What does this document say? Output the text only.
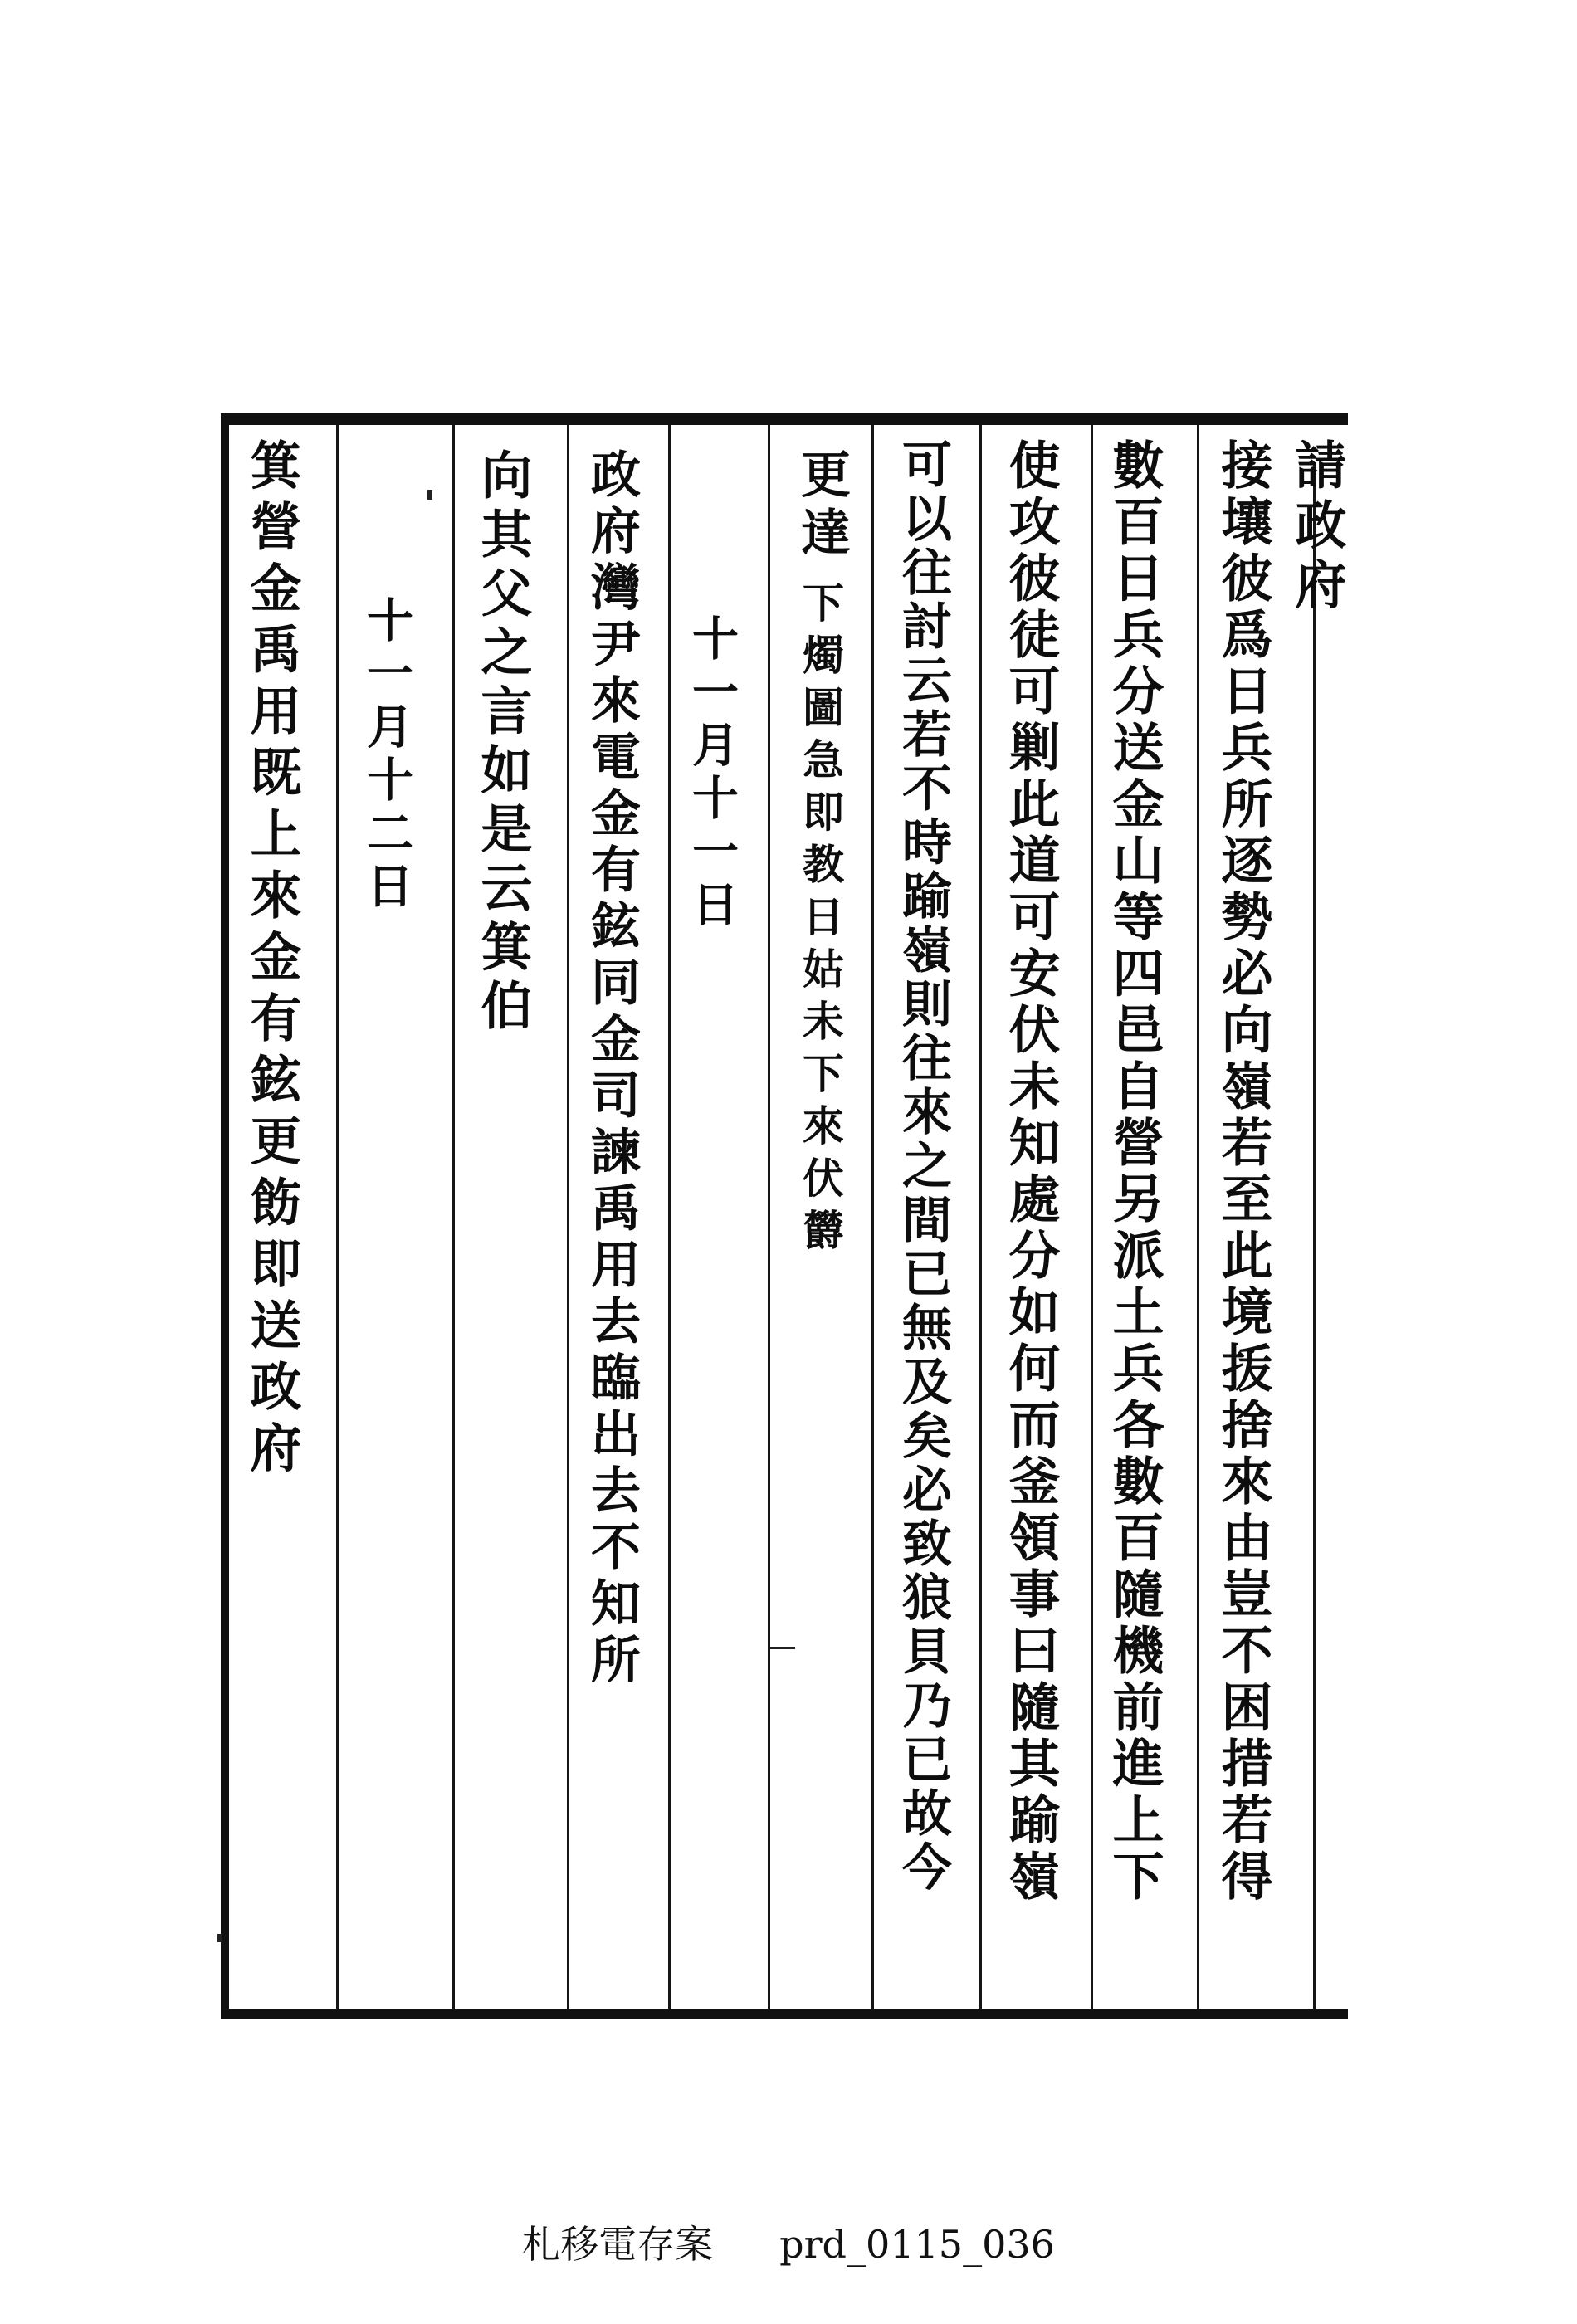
請政府
接壤彼爲日兵所逐勢必向嶺若至此境㧞捨來由豈不困措若得
數百日兵分送金山等四邑自營另派土兵各數百隨機前進上下
使攻彼徒可剿此道可安伏未知處分如何而釜領事曰隨其踰嶺
可以往討云若不時踰嶺則往來之間已無及矣必致狼貝乃已故今
更達
下燭圖急即教日姑未下來伏欝
十一月十一日
政府灣尹來電金有鉉同金司諫禹用去臨出去不知所
向其父之言如是云箕伯
十一月十二日
箕營金禹用既上來金有鉉更飭即送政府
札移電存案 prd_0115_036
